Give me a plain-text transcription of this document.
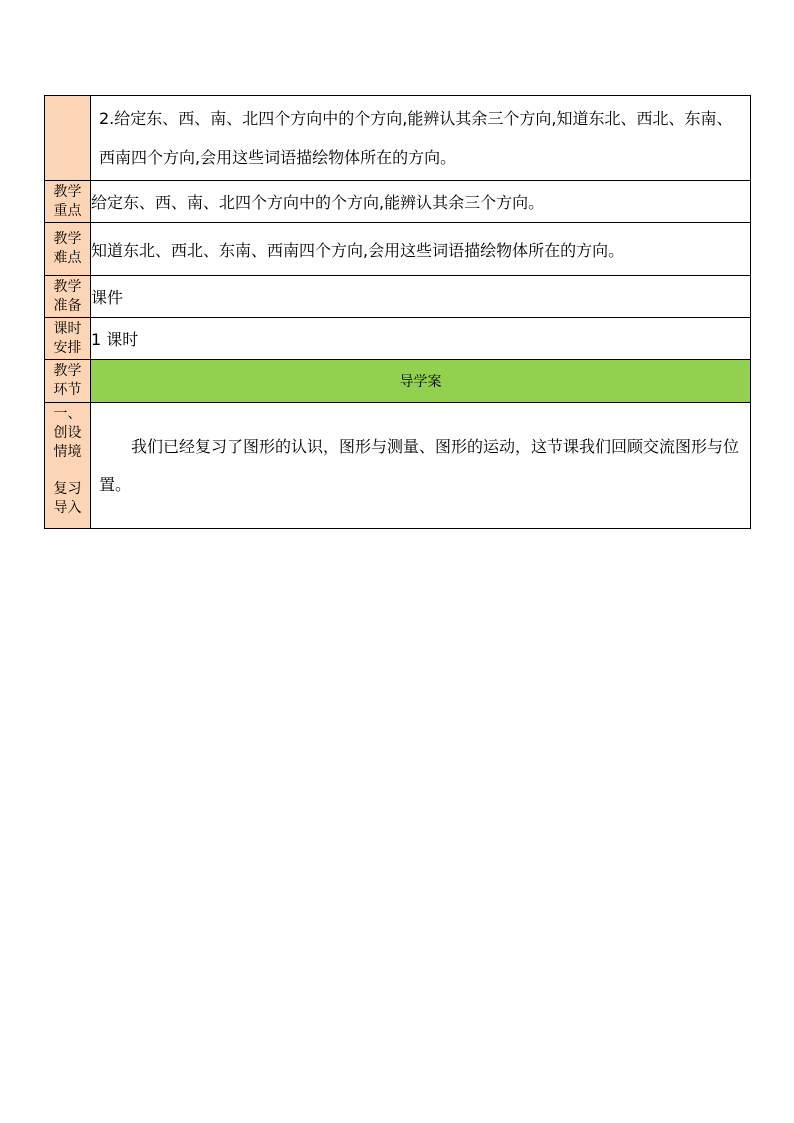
	2.给定东、西、南、北四个方向中的个方向,能辨认其余三个方向,知道东北、西北、东南、西南四个方向,会用这些词语描绘物体所在的方向。

教学
重点	给定东、西、南、北四个方向中的个方向,能辨认其余三个方向。

教学
难点	知道东北、西北、东南、西南四个方向,会用这些词语描绘物体所在的方向。

教学
准备	课件

课时
安排	1 课时

教学
环节	导学案

一、
创设
情境
复习
导入	我们已经复习了图形的认识，图形与测量、图形的运动，这节课我们回顾交流图形与位置。
